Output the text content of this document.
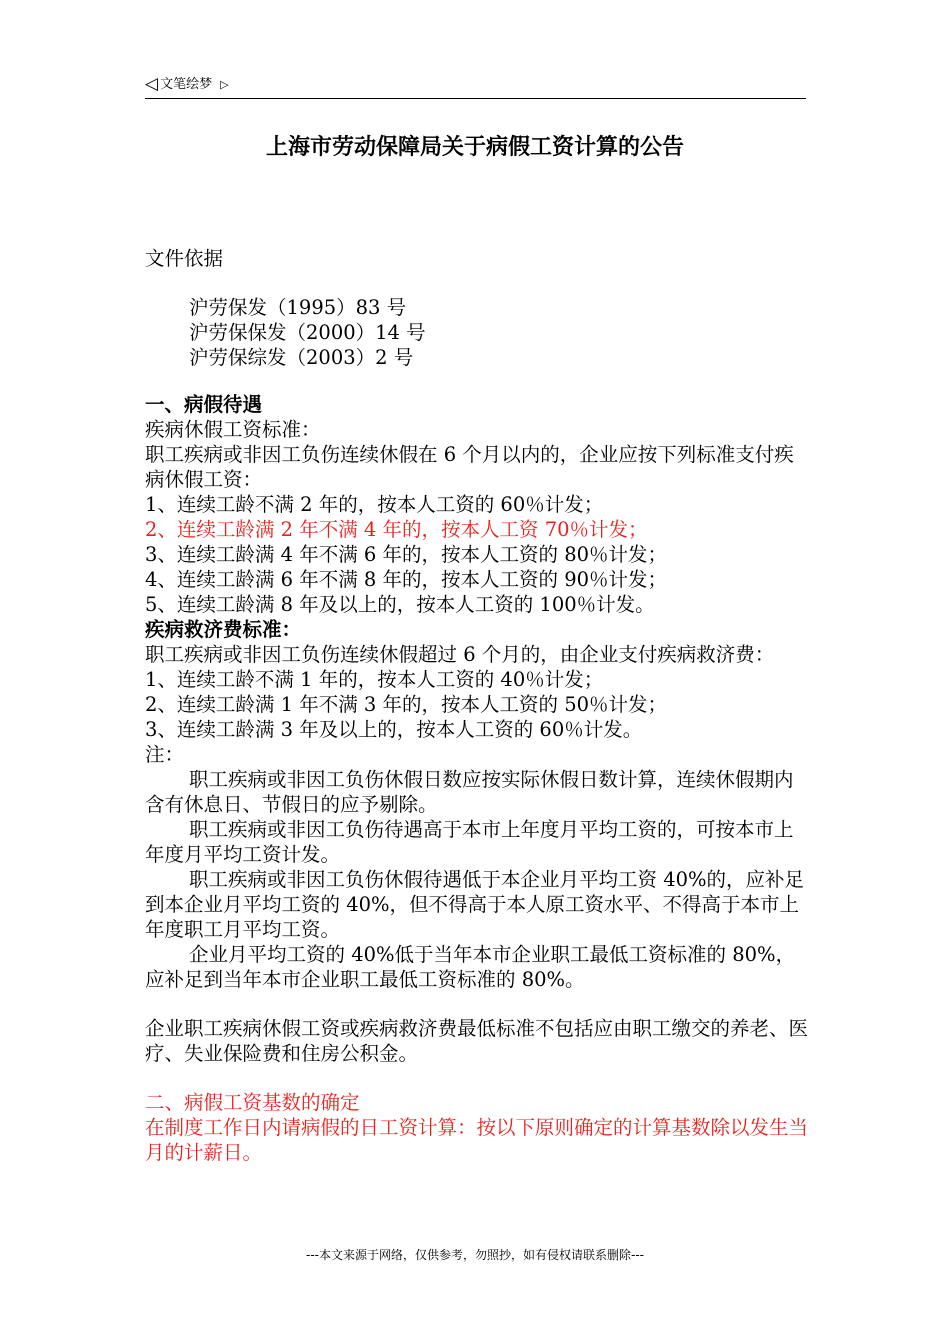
◁ 文笔绘梦 ▷
上海市劳动保障局关于病假工资计算的公告

文件依据

沪劳保发（1995）83 号

沪劳保保发（2000）14 号

沪劳保综发（2003）2 号

一、病假待遇

疾病休假工资标准：

职工疾病或非因工负伤连续休假在 6 个月以内的，企业应按下列标准支付疾病休假工资：

1、连续工龄不满 2 年的，按本人工资的 60％计发；

2、连续工龄满 2 年不满 4 年的，按本人工资 70％计发；

3、连续工龄满 4 年不满 6 年的，按本人工资的 80％计发；

4、连续工龄满 6 年不满 8 年的，按本人工资的 90％计发；

5、连续工龄满 8 年及以上的，按本人工资的 100％计发。

疾病救济费标准：

职工疾病或非因工负伤连续休假超过 6 个月的，由企业支付疾病救济费：

1、连续工龄不满 1 年的，按本人工资的 40％计发；

2、连续工龄满 1 年不满 3 年的，按本人工资的 50％计发；

3、连续工龄满 3 年及以上的，按本人工资的 60％计发。

注：

职工疾病或非因工负伤休假日数应按实际休假日数计算，连续休假期内含有休息日、节假日的应予剔除。

职工疾病或非因工负伤待遇高于本市上年度月平均工资的，可按本市上年度月平均工资计发。

职工疾病或非因工负伤休假待遇低于本企业月平均工资 40%的，应补足到本企业月平均工资的 40%，但不得高于本人原工资水平、不得高于本市上年度职工月平均工资。

企业月平均工资的 40%低于当年本市企业职工最低工资标准的 80%，应补足到当年本市企业职工最低工资标准的 80%。

企业职工疾病休假工资或疾病救济费最低标准不包括应由职工缴交的养老、医疗、失业保险费和住房公积金。

二、病假工资基数的确定

在制度工作日内请病假的日工资计算：按以下原则确定的计算基数除以发生当月的计薪日。

---本文来源于网络，仅供参考，勿照抄，如有侵权请联系删除---
